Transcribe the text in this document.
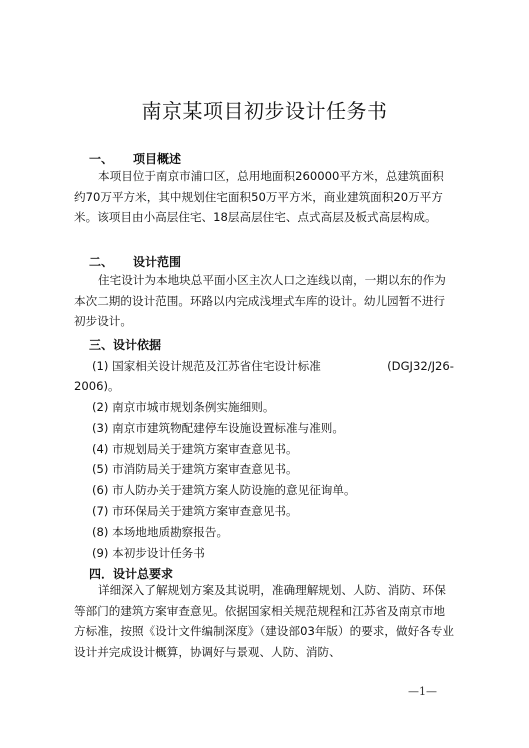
南京某项目初步设计任务书
一、 项目概述

本项目位于南京市浦口区，总用地面积260000平方米，总建筑面积约70万平方米，其中规划住宅面积50万平方米，商业建筑面积20万平方米。该项目由小高层住宅、18层高层住宅、点式高层及板式高层构成。

二、 设计范围

住宅设计为本地块总平面小区主次人口之连线以南，一期以东的作为本次二期的设计范围。环路以内完成浅埋式车库的设计。幼儿园暂不进行初步设计。

三、设计依据
(1) 国家相关设计规范及江苏省住宅设计标准	(DGJ32/J26-
2006)。
(2) 南京市城市规划条例实施细则。
(3) 南京市建筑物配建停车设施设置标准与准则。
(4) 市规划局关于建筑方案审查意见书。
(5) 市消防局关于建筑方案审查意见书。
(6) 市人防办关于建筑方案人防设施的意见征询单。
(7) 市环保局关于建筑方案审查意见书。
(8) 本场地地质勘察报告。
(9) 本初步设计任务书
四．设计总要求

详细深入了解规划方案及其说明，准确理解规划、人防、消防、环保等部门的建筑方案审查意见。依据国家相关规范规程和江苏省及南京市地方标准，按照《设计文件编制深度》（建设部03年版）的要求，做好各专业设计并完成设计概算，协调好与景观、人防、消防、

—1—
